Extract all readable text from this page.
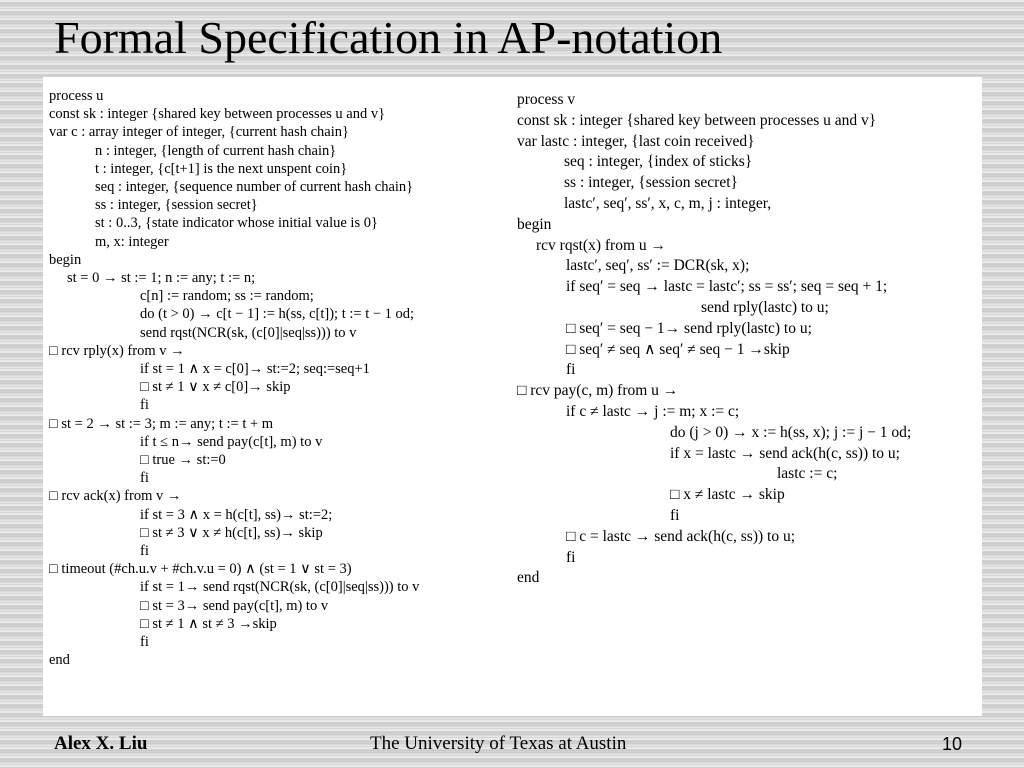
Formal Specification in AP-notation
process u
const sk : integer {shared key between processes u and v}
var c : array integer of integer, {current hash chain}
n : integer, {length of current hash chain}
t : integer, {c[t+1] is the next unspent coin}
seq : integer, {sequence number of current hash chain}
ss : integer, {session secret}
st : 0..3, {state indicator whose initial value is 0}
m, x: integer
begin
st = 0 → st := 1; n := any; t := n;
c[n] := random; ss := random;
do (t > 0) → c[t − 1] := h(ss, c[t]); t := t − 1 od;
send rqst(NCR(sk, (c[0]|seq|ss))) to v
□ rcv rply(x) from v →
if st = 1 ∧ x = c[0]→ st:=2; seq:=seq+1
□ st ≠ 1 ∨ x ≠ c[0]→ skip
fi
□ st = 2 → st := 3; m := any; t := t + m
if t ≤ n→ send pay(c[t], m) to v
□ true → st:=0
fi
□ rcv ack(x) from v →
if st = 3 ∧ x = h(c[t], ss)→ st:=2;
□ st ≠ 3 ∨ x ≠ h(c[t], ss)→ skip
fi
□ timeout (#ch.u.v + #ch.v.u = 0) ∧ (st = 1 ∨ st = 3)
if st = 1→ send rqst(NCR(sk, (c[0]|seq|ss))) to v
□ st = 3→ send pay(c[t], m) to v
□ st ≠ 1 ∧ st ≠ 3 →skip
fi
end
process v
const sk : integer {shared key between processes u and v}
var lastc : integer, {last coin received}
seq : integer, {index of sticks}
ss : integer, {session secret}
lastc′, seq′, ss′, x, c, m, j : integer,
begin
rcv rqst(x) from u →
lastc′, seq′, ss′ := DCR(sk, x);
if seq′ = seq → lastc = lastc′; ss = ss′; seq = seq + 1;
send rply(lastc) to u;
□ seq′ = seq − 1→ send rply(lastc) to u;
□ seq′ ≠ seq ∧ seq′ ≠ seq − 1 →skip
fi
□ rcv pay(c, m) from u →
if c ≠ lastc → j := m; x := c;
do (j > 0) → x := h(ss, x); j := j − 1 od;
if x = lastc → send ack(h(c, ss)) to u;
lastc := c;
□ x ≠ lastc → skip
fi
□ c = lastc → send ack(h(c, ss)) to u;
fi
end
Alex X. Liu	The University of Texas at Austin	10
